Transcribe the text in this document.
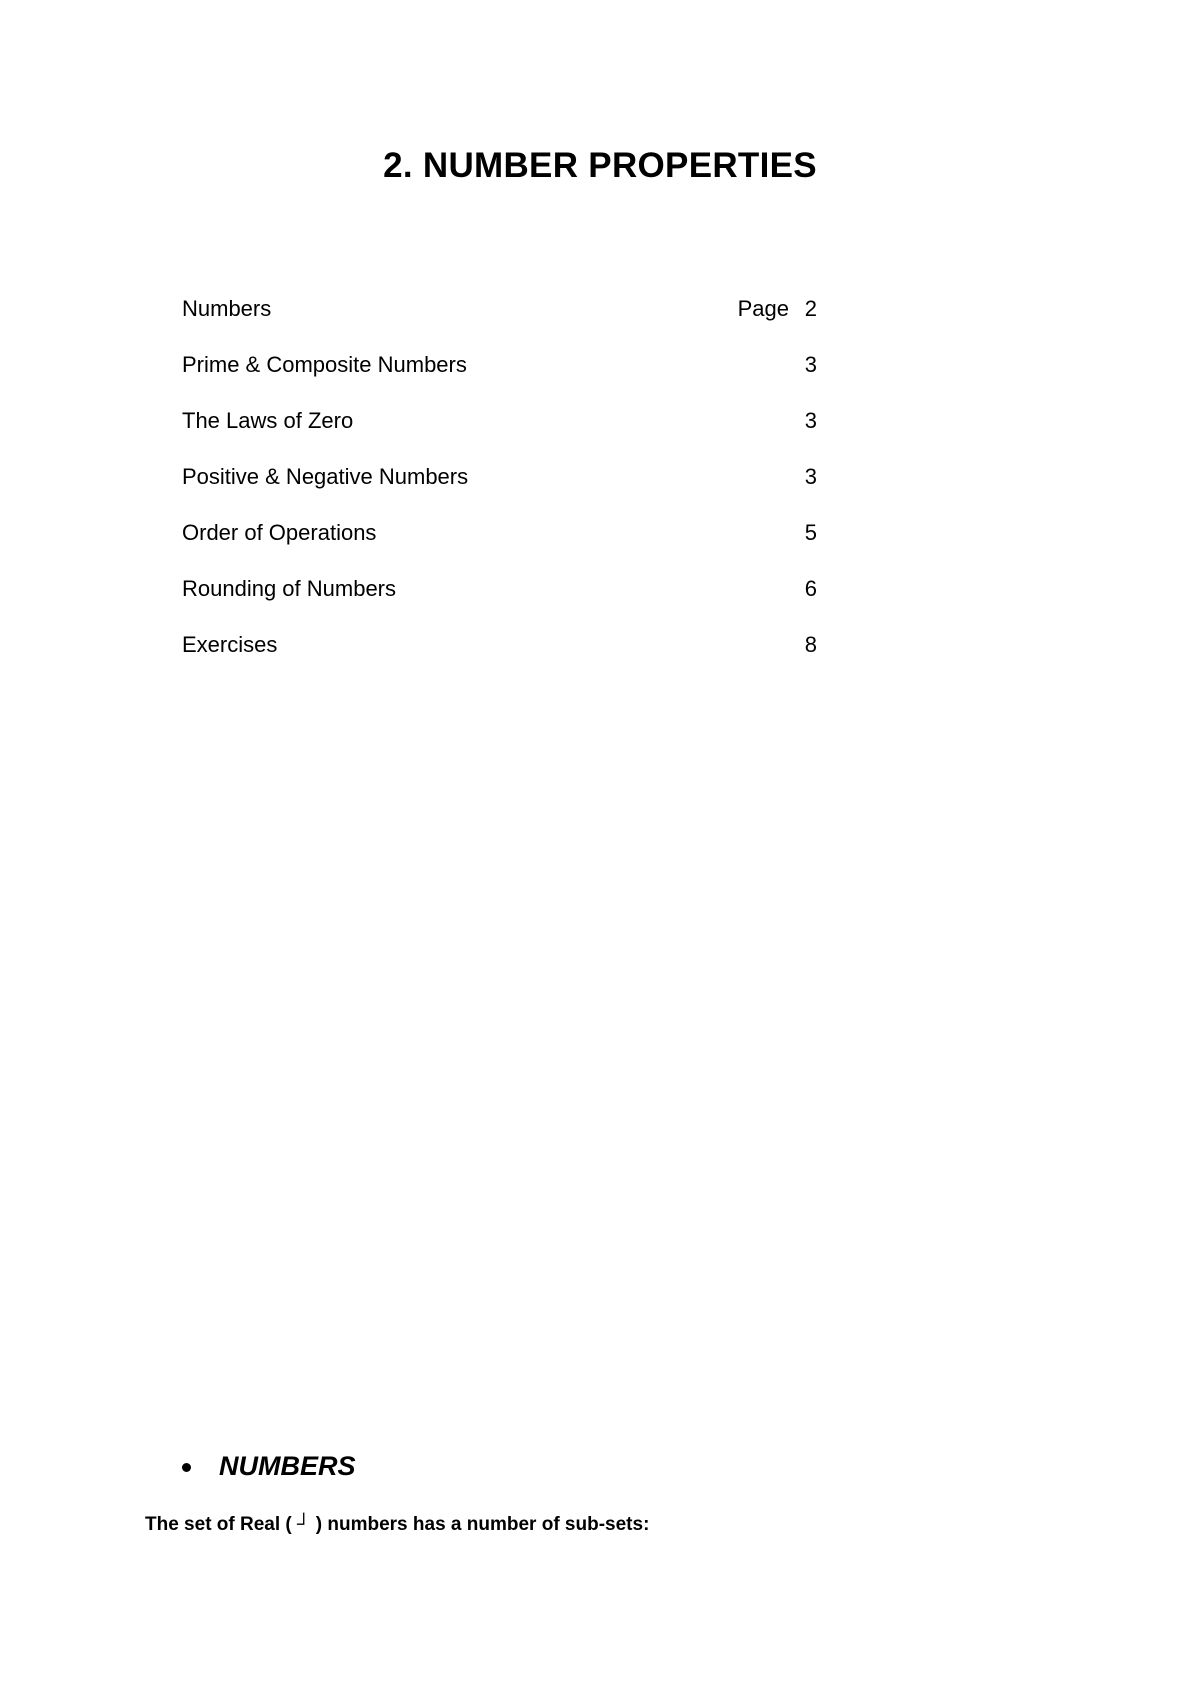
2. NUMBER PROPERTIES
Numbers	Page 2
Prime & Composite Numbers	3
The Laws of Zero	3
Positive & Negative Numbers	3
Order of Operations	5
Rounding of Numbers	6
Exercises	8
NUMBERS
The set of Real ( ┘ ) numbers has a number of sub-sets:
